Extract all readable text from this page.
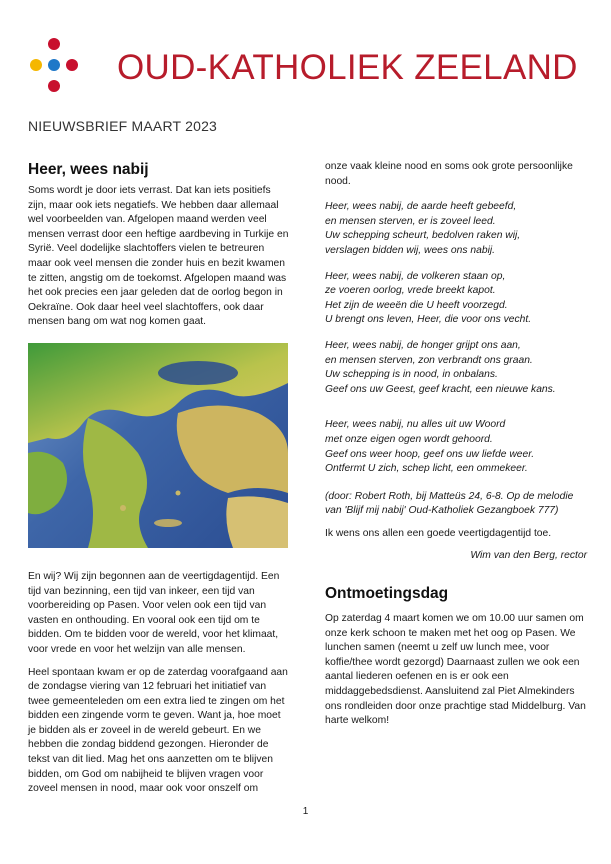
OUD-KATHOLIEK ZEELAND
NIEUWSBRIEF MAART 2023
Heer, wees nabij

Soms wordt je door iets verrast. Dat kan iets positiefs zijn, maar ook iets negatiefs. We hebben daar allemaal wel voorbeelden van. Afgelopen maand werden veel mensen verrast door een heftige aardbeving in Turkije en Syrië. Veel dodelijke slachtoffers vielen te betreuren maar ook veel mensen die zonder huis en bezit kwamen te zitten, angstig om de toekomst. Afgelopen maand was het ook precies een jaar geleden dat de oorlog begon in Oekraïne. Ook daar heel veel slachtoffers, ook daar mensen bang om wat nog komen gaat.

En wij? Wij zijn begonnen aan de veertigdagentijd. Een tijd van bezinning, een tijd van inkeer, een tijd van voorbereiding op Pasen. Voor velen ook een tijd van vasten en onthouding. En vooral ook een tijd om te bidden. Om te bidden voor de wereld, voor het klimaat, voor vrede en voor het welzijn van alle mensen.

Heel spontaan kwam er op de zaterdag voorafgaand aan de zondagse viering van 12 februari het initiatief van twee gemeenteleden om een extra lied te zingen om het bidden een zingende vorm te geven. Want ja, hoe moet je bidden als er zoveel in de wereld gebeurt. En we hebben die zondag biddend gezongen. Hieronder de tekst van dit lied. Mag het ons aanzetten om te blijven bidden, om God om nabijheid te blijven vragen voor zoveel mensen in nood, maar ook voor onszelf om

onze vaak kleine nood en soms ook grote persoonlijke nood.

Heer, wees nabij, de aarde heeft gebeefd,

en mensen sterven, er is zoveel leed.

Uw schepping scheurt, bedolven raken wij,

verslagen bidden wij, wees ons nabij.

Heer, wees nabij, de volkeren staan op,

ze voeren oorlog, vrede breekt kapot.

Het zijn de weeën die U heeft voorzegd.

U brengt ons leven, Heer, die voor ons vecht.

Heer, wees nabij, de honger grijpt ons aan,

en mensen sterven, zon verbrandt ons graan.

Uw schepping is in nood, in onbalans.

Geef ons uw Geest, geef kracht, een nieuwe kans.

Heer, wees nabij, nu alles uit uw Woord

met onze eigen ogen wordt gehoord.

Geef ons weer hoop, geef ons uw liefde weer.

Ontfermt U zich, schep licht, een ommekeer.

(door: Robert Roth, bij Matteüs 24, 6-8. Op de melodie van 'Blijf mij nabij' Oud-Katholiek Gezangboek 777)

Ik wens ons allen een goede veertigdagentijd toe.

Wim van den Berg, rector

Ontmoetingsdag

Op zaterdag 4 maart komen we om 10.00 uur samen om onze kerk schoon te maken met het oog op Pasen. We lunchen samen (neemt u zelf uw lunch mee, voor koffie/thee wordt gezorgd) Daarnaast zullen we ook een aantal liederen oefenen en is er ook een middaggebedsdienst. Aansluitend zal Piet Almekinders ons rondleiden door onze prachtige stad Middelburg. Van harte welkom!

1
